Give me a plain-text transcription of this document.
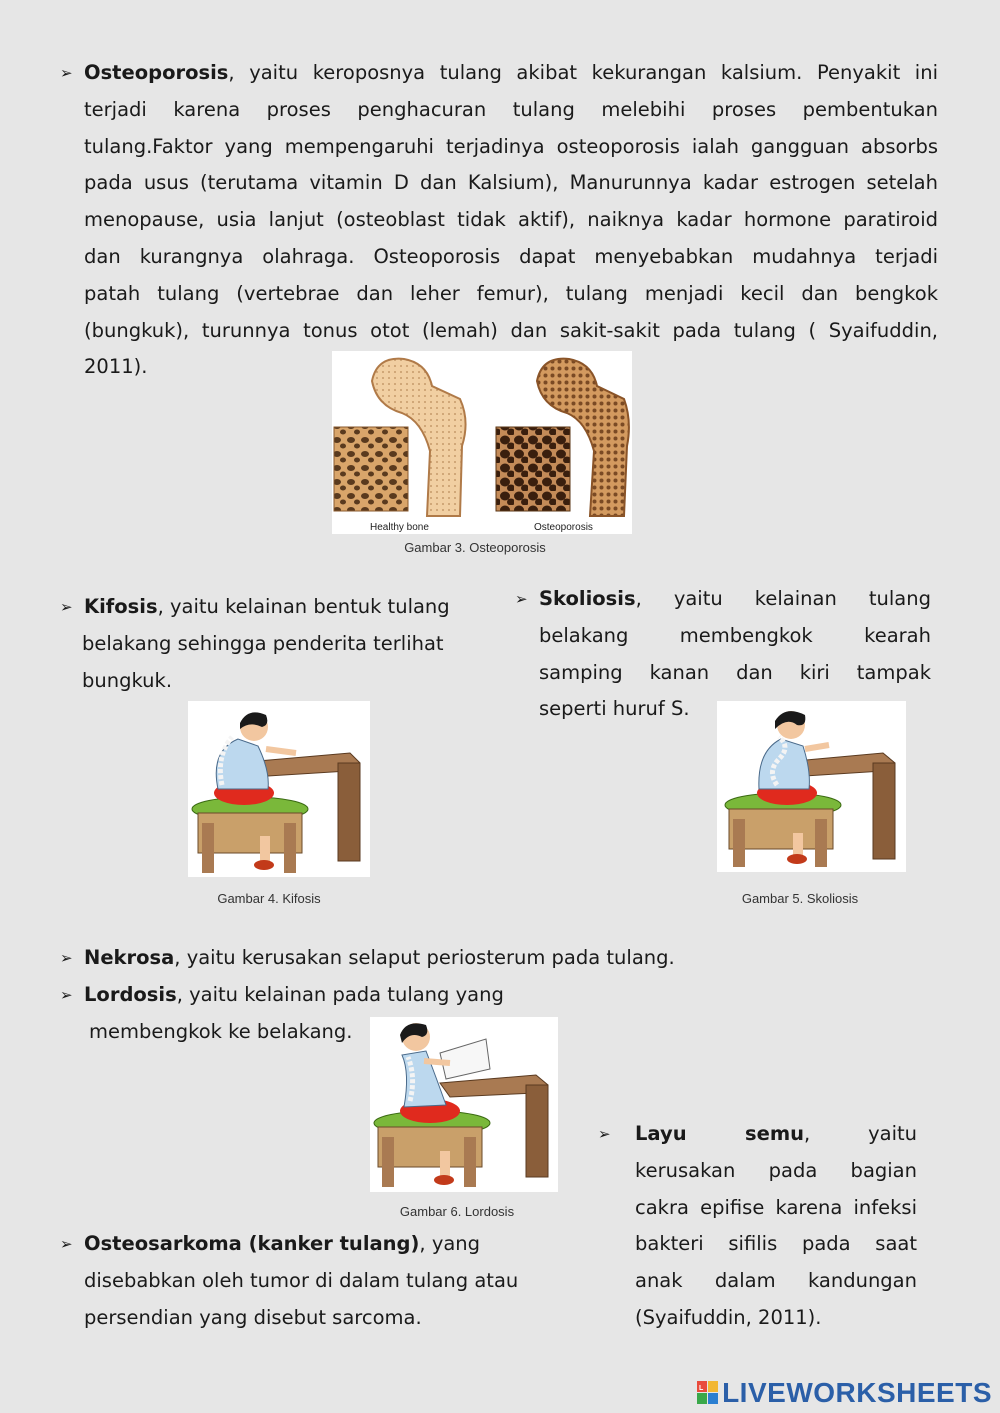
➢ Osteoporosis, yaitu keroposnya tulang akibat kekurangan kalsium. Penyakit ini

terjadi karena proses penghacuran tulang melebihi proses pembentukan

tulang.Faktor yang mempengaruhi terjadinya osteoporosis ialah gangguan absorbs

pada usus (terutama vitamin D dan Kalsium), Manurunnya kadar estrogen setelah

menopause, usia lanjut (osteoblast tidak aktif), naiknya kadar hormone paratiroid

dan kurangnya olahraga. Osteoporosis dapat menyebabkan mudahnya terjadi

patah tulang (vertebrae dan leher femur), tulang menjadi kecil dan bengkok

(bungkuk), turunnya tonus otot (lemah) dan sakit-sakit pada tulang ( Syaifuddin,

2011).

Healthy bone	Osteoporosis
Gambar 3. Osteoporosis
➢ Kifosis, yaitu kelainan bentuk tulang

belakang sehingga penderita terlihat

bungkuk.

➢ Skoliosis, yaitu kelainan tulang

belakang membengkok kearah

samping kanan dan kiri tampak

seperti huruf S.

Gambar 4. Kifosis	Gambar 5. Skoliosis
➢ Nekrosa, yaitu kerusakan selaput periosterum pada tulang.

➢ Lordosis, yaitu kelainan pada tulang yang

membengkok ke belakang.

Gambar 6. Lordosis
➢ Layu semu, yaitu

kerusakan pada bagian

cakra epifise karena infeksi

bakteri sifilis pada saat

anak dalam kandungan

(Syaifuddin, 2011).

➢ Osteosarkoma (kanker tulang), yang

disebabkan oleh tumor di dalam tulang atau

persendian yang disebut sarcoma.

L LIVEWORKSHEETS
